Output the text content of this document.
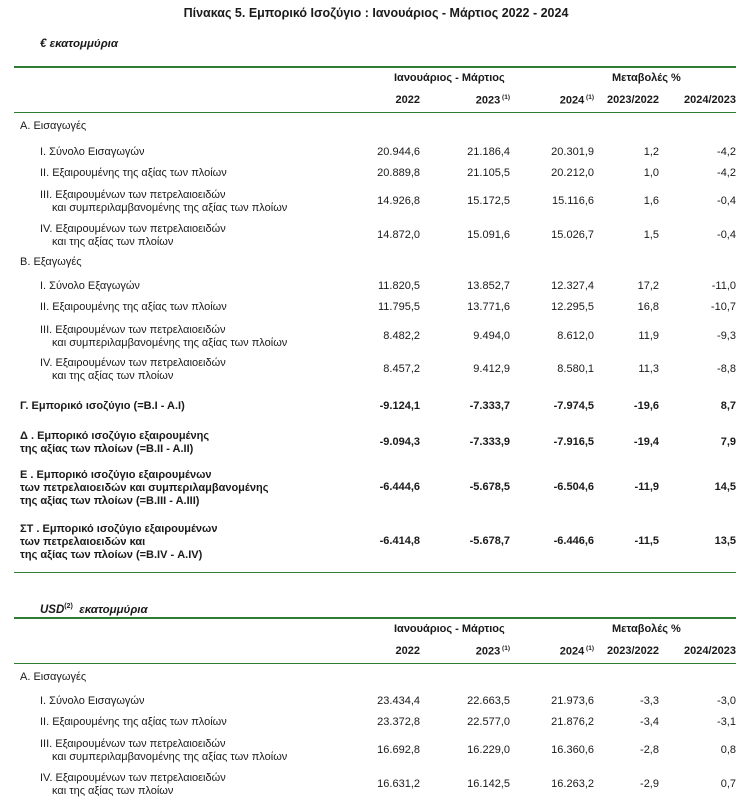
Πίνακας 5. Εμπορικό Ισοζύγιο : Ιανουάριος - Μάρτιος 2022 - 2024
€ εκατομμύρια
Ιανουάριος - Μάρτιος	Μεταβολές %
2022	2023 $^{(1)}$	2024 $^{(1)}$	2023/2022	2024/2023
Α. Εισαγωγές
Ι. Σύνολο Εισαγωγών	20.944,6	21.186,4	20.301,9	1,2	-4,2
ΙΙ. Εξαιρουμένης της αξίας των πλοίων	20.889,8	21.105,5	20.212,0	1,0	-4,2
ΙΙΙ. Εξαιρουμένων των πετρελαιοειδών
και συμπεριλαμβανομένης της αξίας των πλοίων
14.926,8	15.172,5	15.116,6	1,6	-0,4
ΙV. Εξαιρουμένων των πετρελαιοειδών
και της αξίας των πλοίων
14.872,0	15.091,6	15.026,7	1,5	-0,4
Β. Εξαγωγές
Ι. Σύνολο Εξαγωγών	11.820,5	13.852,7	12.327,4	17,2	-11,0
ΙΙ. Εξαιρουμένης της αξίας των πλοίων	11.795,5	13.771,6	12.295,5	16,8	-10,7
ΙΙΙ. Εξαιρουμένων των πετρελαιοειδών
και συμπεριλαμβανομένης της αξίας των πλοίων
8.482,2	9.494,0	8.612,0	11,9	-9,3
ΙV. Εξαιρουμένων των πετρελαιοειδών
και της αξίας των πλοίων
8.457,2	9.412,9	8.580,1	11,3	-8,8
Γ. Εμπορικό ισοζύγιο (=Β.Ι - Α.Ι)	-9.124,1	-7.333,7	-7.974,5	-19,6	8,7
Δ . Εμπορικό ισοζύγιο εξαιρουμένης
της αξίας των πλοίων (=Β.ΙΙ - Α.ΙΙ)
-9.094,3	-7.333,9	-7.916,5	-19,4	7,9
Ε . Εμπορικό ισοζύγιο εξαιρουμένων
των πετρελαιοειδών και συμπεριλαμβανομένης
της αξίας των πλοίων (=Β.ΙΙΙ - Α.ΙΙΙ)
-6.444,6	-5.678,5	-6.504,6	-11,9	14,5
ΣΤ . Εμπορικό ισοζύγιο εξαιρουμένων
των πετρελαιοειδών και
της αξίας των πλοίων (=Β.ΙV - Α.ΙV)
-6.414,8	-5.678,7	-6.446,6	-11,5	13,5
USD$^{(2)}$ εκατομμύρια
Ιανουάριος - Μάρτιος	Μεταβολές %
2022	2023 $^{(1)}$	2024 $^{(1)}$	2023/2022	2024/2023
Α. Εισαγωγές
Ι. Σύνολο Εισαγωγών	23.434,4	22.663,5	21.973,6	-3,3	-3,0
ΙΙ. Εξαιρουμένης της αξίας των πλοίων	23.372,8	22.577,0	21.876,2	-3,4	-3,1
ΙΙΙ. Εξαιρουμένων των πετρελαιοειδών
και συμπεριλαμβανομένης της αξίας των πλοίων
16.692,8	16.229,0	16.360,6	-2,8	0,8
ΙV. Εξαιρουμένων των πετρελαιοειδών
και της αξίας των πλοίων
16.631,2	16.142,5	16.263,2	-2,9	0,7
